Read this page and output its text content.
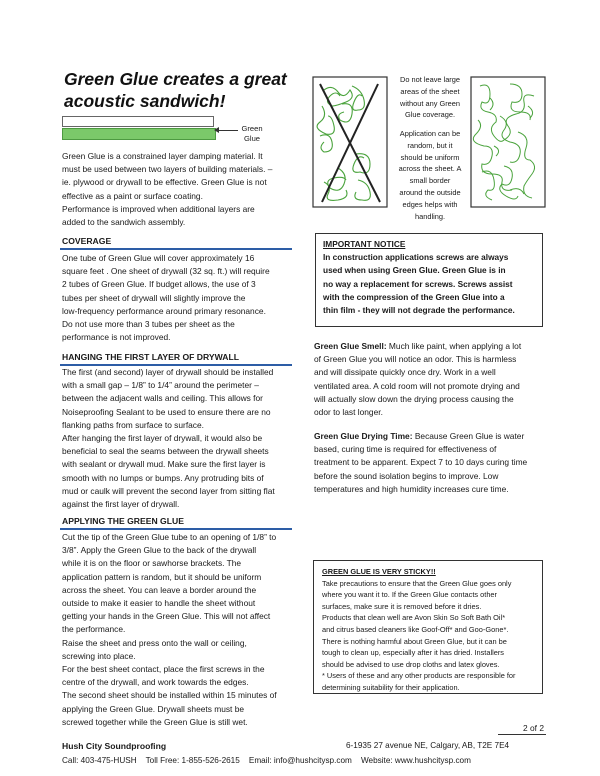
Green Glue creates a great acoustic sandwich!
Green Glue

Green Glue is a constrained layer damping material. It

must be used between two layers of building materials. –

ie. plywood or drywall to be effective. Green Glue is not

effective as a paint or surface coating.

Performance is improved when additional layers are

added to the sandwich assembly.

COVERAGE

One tube of Green Glue will cover approximately 16

square feet . One sheet of drywall (32 sq. ft.) will require

2 tubes of Green Glue. If budget allows, the use of 3

tubes per sheet of drywall will slightly improve the

low-frequency performance around primary resonance.

Do not use more than 3 tubes per sheet as the

performance is not improved.

HANGING THE FIRST LAYER OF DRYWALL

The first (and second) layer of drywall should be installed

with a small gap – 1/8” to 1/4” around the perimeter –

between the adjacent walls and ceiling. This allows for

Noiseproofing Sealant to be used to ensure there are no

flanking paths from surface to surface.

After hanging the first layer of drywall, it would also be

beneficial to seal the seams between the drywall sheets

with sealant or drywall mud. Make sure the first layer is

smooth with no lumps or bumps. Any protruding bits of

mud or caulk will prevent the second layer from sitting flat

against the first layer of drywall.

APPLYING THE GREEN GLUE

Cut the tip of the Green Glue tube to an opening of 1/8” to

3/8”. Apply the Green Glue to the back of the drywall

while it is on the floor or sawhorse brackets. The

application pattern is random, but it should be uniform

across the sheet. You can leave a border around the

outside to make it easier to handle the sheet without

getting your hands in the Green Glue. This will not affect

the performance.

Raise the sheet and press onto the wall or ceiling,

screwing into place.

For the best sheet contact, place the first screws in the

centre of the drywall, and work towards the edges.

The second sheet should be installed within 15 minutes of

applying the Green Glue. Drywall sheets must be

screwed together while the Green Glue is still wet.

Do not leave large
areas of the sheet
without any Green
Glue coverage.
Application can be
random, but it
should be uniform
across the sheet. A
small border
around the outside
edges helps with
handling.
IMPORTANT NOTICE
In construction applications screws are always
used when using Green Glue. Green Glue is in
no way a replacement for screws. Screws assist
with the compression of the Green Glue into a
thin film - they will not degrade the performance.

Green Glue Smell: Much like paint, when applying a lot

of Green Glue you will notice an odor. This is harmless

and will dissipate quickly once dry. Work in a well

ventilated area. A cold room will not promote drying and

will actually slow down the drying process causing the

odor to last longer.

Green Glue Drying Time: Because Green Glue is water

based, curing time is required for effectiveness of

treatment to be apparent. Expect 7 to 10 days curing time

before the sound isolation begins to improve. Low

temperatures and high humidity increases cure time.

GREEN GLUE IS VERY STICKY!!
Take precautions to ensure that the Green Glue goes only
where you want it to. If the Green Glue contacts other
surfaces, make sure it is removed before it dries.
Products that clean well are Avon Skin So Soft Bath Oil*
and citrus based cleaners like Goof-Off* and Goo-Gone*.
There is nothing harmful about Green Glue, but it can be
tough to clean up, especially after it has dried. Installers
should be advised to use drop cloths and latex gloves.
* Users of these and any other products are responsible for
determining suitability for their application.
2 of 2
Hush City Soundproofing	6-1935 27 avenue NE, Calgary, AB, T2E 7E4
Call: 403-475-HUSH    Toll Free: 1-855-526-2615    Email: info@hushcitysp.com    Website: www.hushcitysp.com
